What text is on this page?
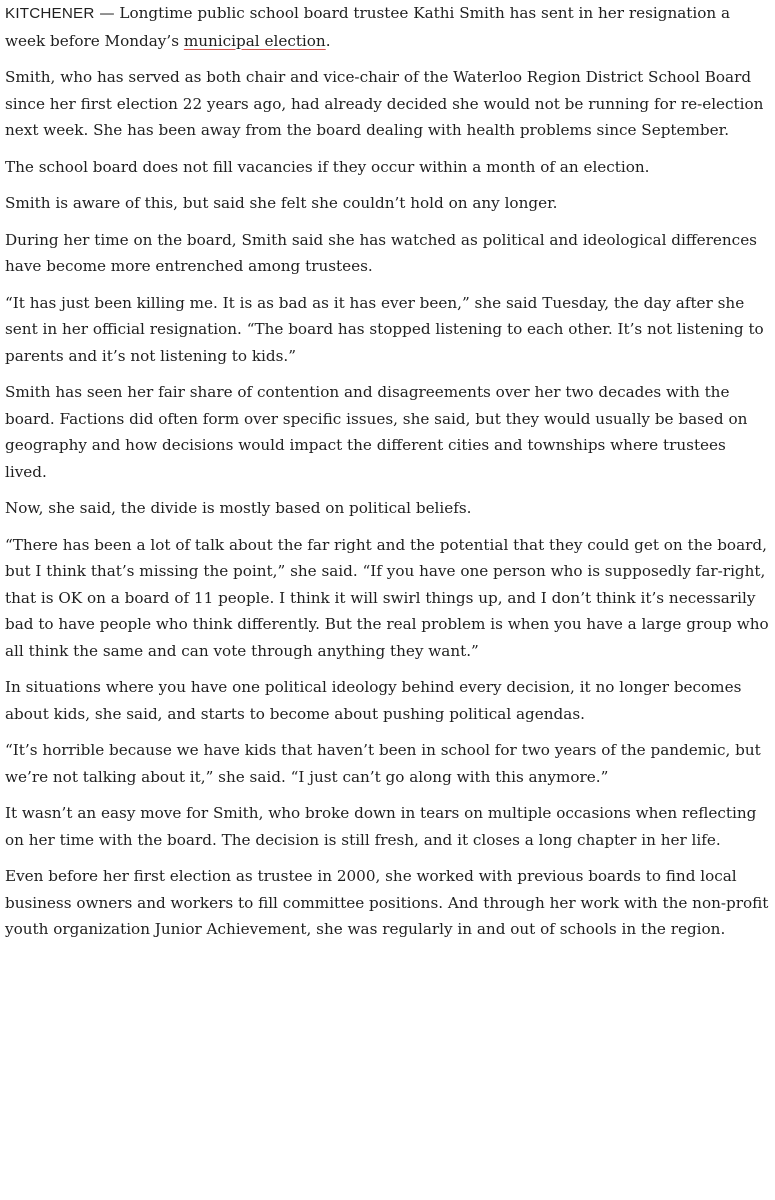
KITCHENER — Longtime public school board trustee Kathi Smith has sent in her resignation a week before Monday’s municipal election.

Smith, who has served as both chair and vice-chair of the Waterloo Region District School Board since her first election 22 years ago, had already decided she would not be running for re-election next week. She has been away from the board dealing with health problems since September.

The school board does not fill vacancies if they occur within a month of an election.

Smith is aware of this, but said she felt she couldn’t hold on any longer.

During her time on the board, Smith said she has watched as political and ideological differences have become more entrenched among trustees.

“It has just been killing me. It is as bad as it has ever been,” she said Tuesday, the day after she sent in her official resignation. “The board has stopped listening to each other. It’s not listening to parents and it’s not listening to kids.”

Smith has seen her fair share of contention and disagreements over her two decades with the board. Factions did often form over specific issues, she said, but they would usually be based on geography and how decisions would impact the different cities and townships where trustees lived.

Now, she said, the divide is mostly based on political beliefs.

“There has been a lot of talk about the far right and the potential that they could get on the board, but I think that’s missing the point,” she said. “If you have one person who is supposedly far-right, that is OK on a board of 11 people. I think it will swirl things up, and I don’t think it’s necessarily bad to have people who think differently. But the real problem is when you have a large group who all think the same and can vote through anything they want.”

In situations where you have one political ideology behind every decision, it no longer becomes about kids, she said, and starts to become about pushing political agendas.

“It’s horrible because we have kids that haven’t been in school for two years of the pandemic, but we’re not talking about it,” she said. “I just can’t go along with this anymore.”

It wasn’t an easy move for Smith, who broke down in tears on multiple occasions when reflecting on her time with the board. The decision is still fresh, and it closes a long chapter in her life.

Even before her first election as trustee in 2000, she worked with previous boards to find local business owners and workers to fill committee positions. And through her work with the non-profit youth organization Junior Achievement, she was regularly in and out of schools in the region.
